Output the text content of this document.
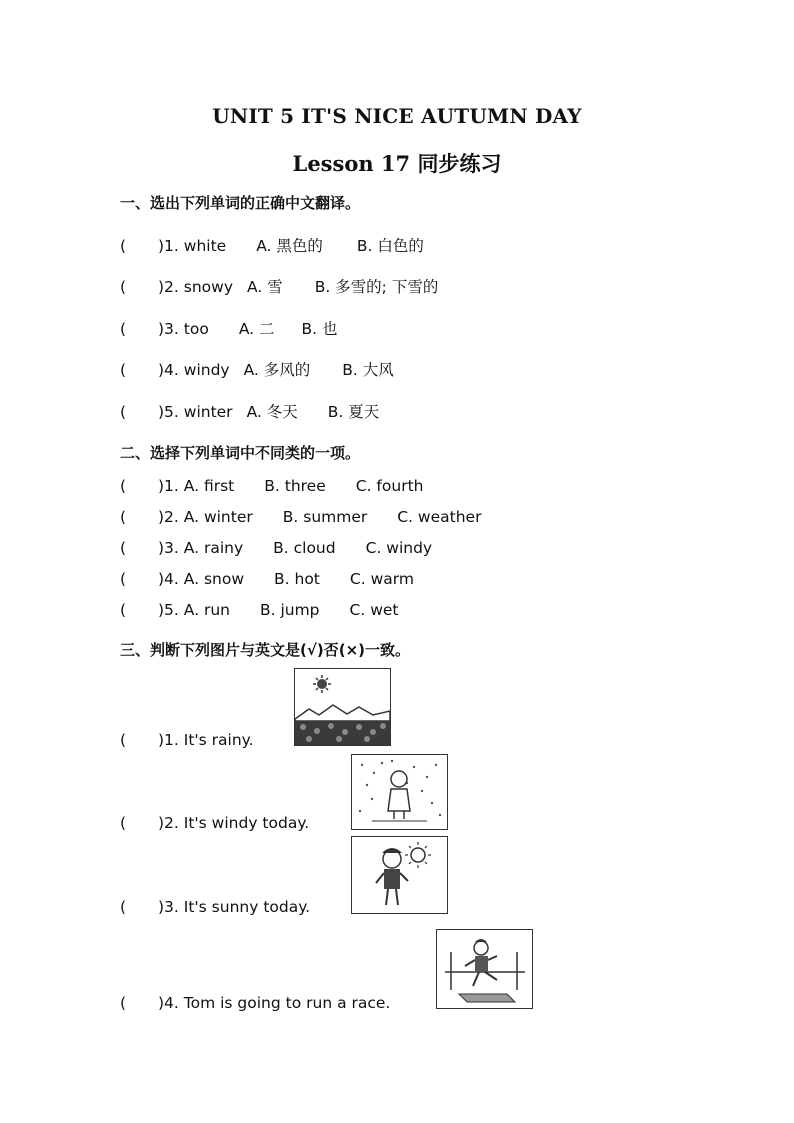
UNIT 5 IT'S NICE AUTUMN DAY
Lesson 17 同步练习
一、选出下列单词的正确中文翻译。
( )1. white A. 黑色的 B. 白色的
( )2. snowy A. 雪 B. 多雪的; 下雪的
( )3. too A. 二 B. 也
( )4. windy A. 多风的 B. 大风
( )5. winter A. 冬天 B. 夏天
二、选择下列单词中不同类的一项。
( )1. A. first B. three C. fourth
( )2. A. winter B. summer C. weather
( )3. A. rainy B. cloud C. windy
( )4. A. snow B. hot C. warm
( )5. A. run B. jump C. wet
三、判断下列图片与英文是(√)否(×)一致。
( )1. It's rainy.
( )2. It's windy today.
( )3. It's sunny today.
( )4. Tom is going to run a race.
